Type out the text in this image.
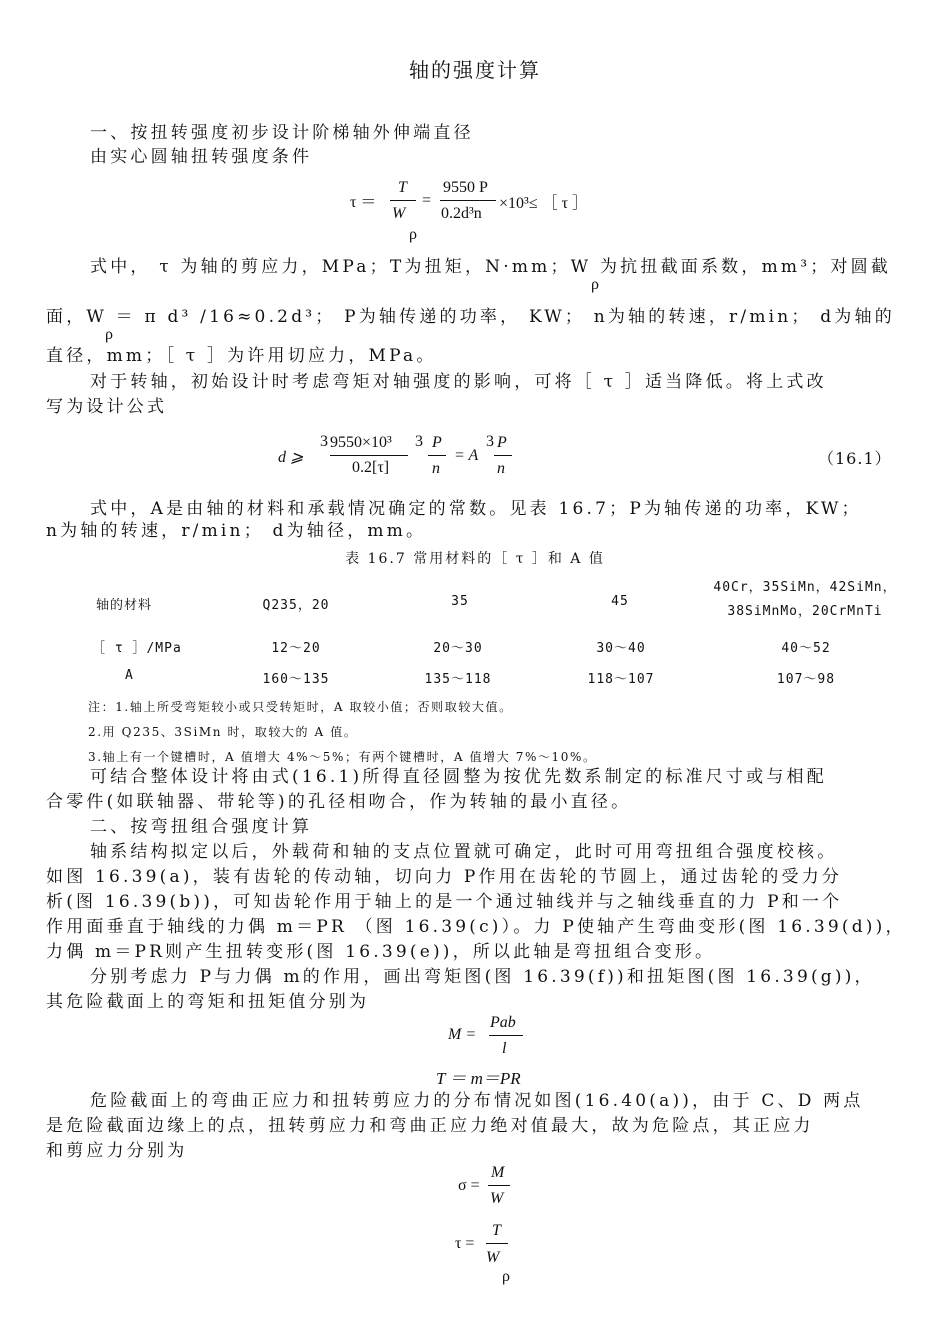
轴的强度计算
一、按扭转强度初步设计阶梯轴外伸端直径
由实心圆轴扭转强度条件
τ ＝
T
W
ρ
=
9550 P
0.2d³n
×10³≤ ［ τ ］
式中， τ 为轴的剪应力，MPa；T为扭矩，N·mm；W 为抗扭截面系数，mm³；对圆截
ρ
面，W ＝ π d³ /16≈0.2d³； P为轴传递的功率， KW； n为轴的转速，r/min； d为轴的
ρ
直径，mm；［ τ ］为许用切应力，MPa。
对于转轴，初始设计时考虑弯矩对轴强度的影响，可将［ τ ］适当降低。将上式改
写为设计公式
d ⩾
3 9550×10³
0.2[τ]
3 P
n
= A
3 P
n
（16.1）
式中，A是由轴的材料和承载情况确定的常数。见表 16.7；P为轴传递的功率，KW；
n为轴的转速，r/min； d为轴径，mm。
表 16.7 常用材料的［ τ ］和 A 值
轴的材料	Q235，20	35	45
40Cr，35SiMn，42SiMn，
38SiMnMo，20CrMnTi
［ τ ］/MPa	12～20	20～30	30～40	40～52
A	160～135	135～118	118～107	107～98
注：1.轴上所受弯矩较小或只受转矩时，A 取较小值；否则取较大值。
2.用 Q235、3SiMn 时，取较大的 A 值。
3.轴上有一个键槽时，A 值增大 4%～5%；有两个键槽时，A 值增大 7%～10%。
可结合整体设计将由式(16.1)所得直径圆整为按优先数系制定的标准尺寸或与相配
合零件(如联轴器、带轮等)的孔径相吻合，作为转轴的最小直径。
二、按弯扭组合强度计算
轴系结构拟定以后，外载荷和轴的支点位置就可确定，此时可用弯扭组合强度校核。
如图 16.39(a)，装有齿轮的传动轴，切向力 P作用在齿轮的节圆上，通过齿轮的受力分
析(图 16.39(b))，可知齿轮作用于轴上的是一个通过轴线并与之轴线垂直的力 P和一个
作用面垂直于轴线的力偶 m＝PR （图 16.39(c)）。力 P使轴产生弯曲变形(图 16.39(d))，
力偶 m＝PR则产生扭转变形(图 16.39(e))，所以此轴是弯扭组合变形。
分别考虑力 P与力偶 m的作用，画出弯矩图(图 16.39(f))和扭矩图(图 16.39(g))，
其危险截面上的弯矩和扭矩值分别为
M =
Pab
l
T ＝ m＝PR
危险截面上的弯曲正应力和扭转剪应力的分布情况如图(16.40(a))，由于 C、D 两点
是危险截面边缘上的点，扭转剪应力和弯曲正应力绝对值最大，故为危险点，其正应力
和剪应力分别为
σ =
M
W
τ =
T
W
ρ
